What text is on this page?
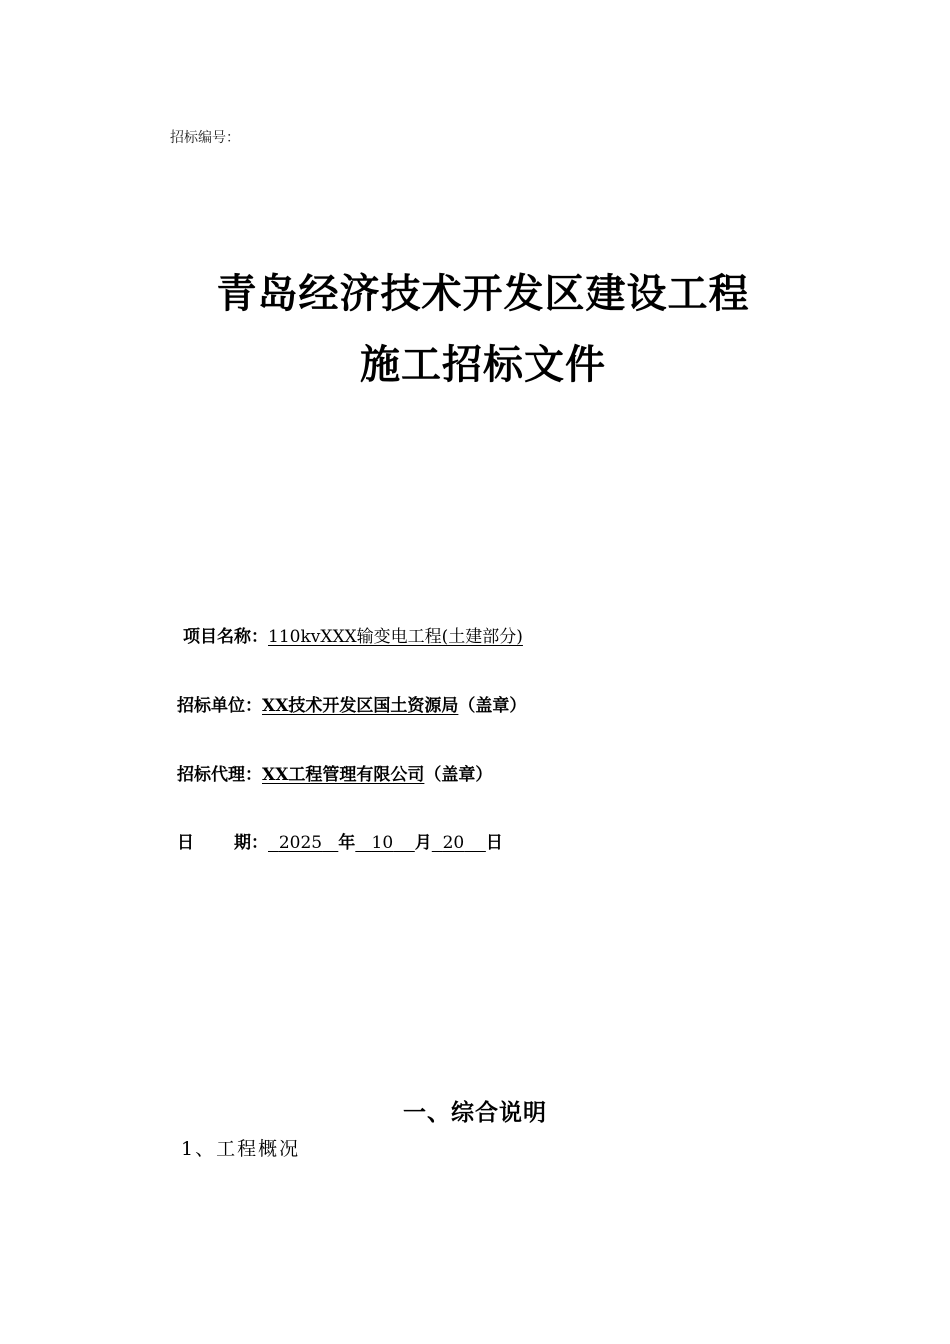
招标编号：
青岛经济技术开发区建设工程
施工招标文件
项目名称：110kvXXX输变电工程(土建部分)
招标单位：XX技术开发区国土资源局（盖章）
招标代理：XX工程管理有限公司（盖章）
日 期： 2025 年 10 月 20 日
一、综合说明
1、工程概况
